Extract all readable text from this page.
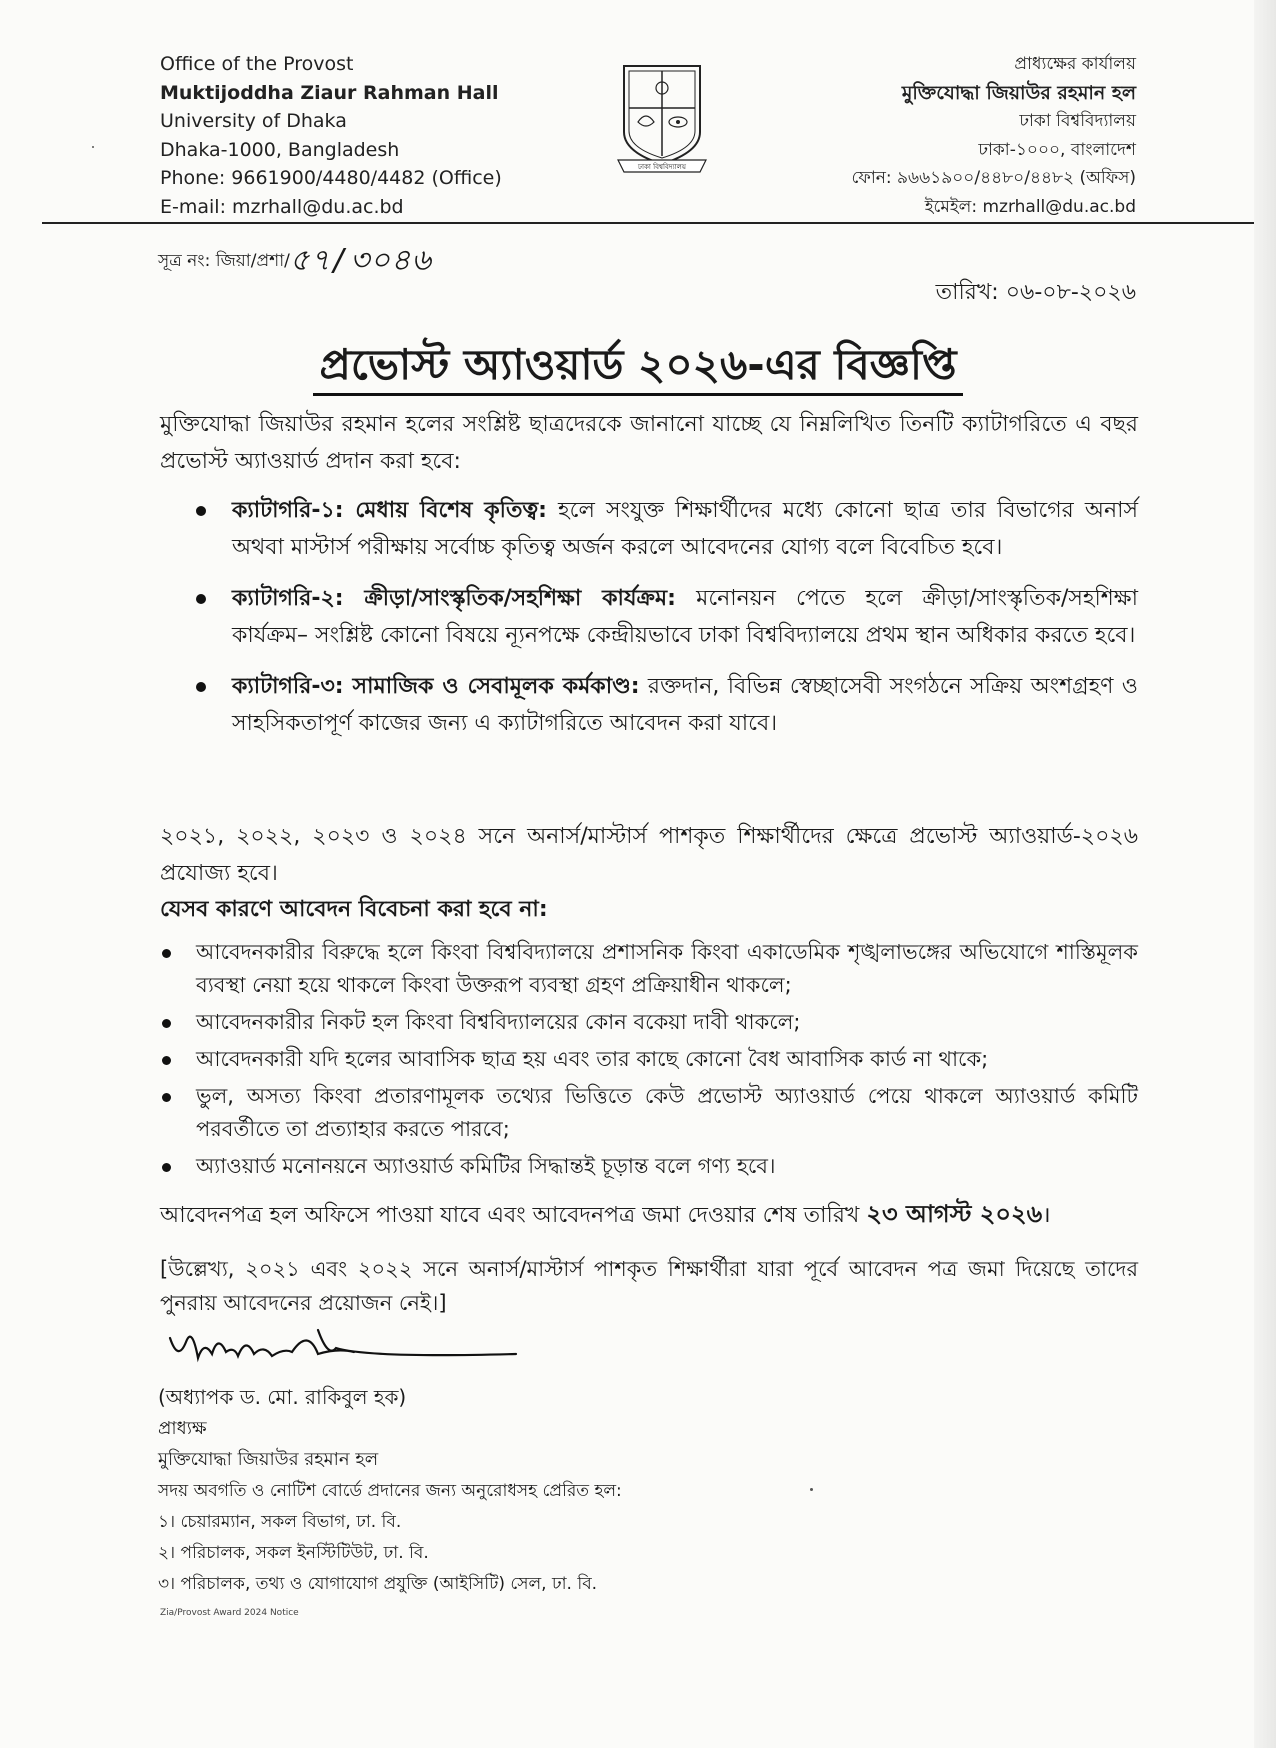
Office of the Provost
Muktijoddha Ziaur Rahman Hall
University of Dhaka
Dhaka-1000, Bangladesh
Phone: 9661900/4480/4482 (Office)
E-mail: mzrhall@du.ac.bd
ঢাকা বিশ্ববিদ্যালয়
প্রাধ্যক্ষের কার্যালয়
মুক্তিযোদ্ধা জিয়াউর রহমান হল
ঢাকা বিশ্ববিদ্যালয়
ঢাকা-১০০০, বাংলাদেশ
ফোন: ৯৬৬১৯০০/৪৪৮০/৪৪৮২ (অফিস)
ইমেইল: mzrhall@du.ac.bd
সূত্র নং: জিয়া/প্রশা/৫৭/৩০৪৬
তারিখ: ০৬-০৮-২০২৬
প্রভোস্ট অ্যাওয়ার্ড ২০২৬-এর বিজ্ঞপ্তি
মুক্তিযোদ্ধা জিয়াউর রহমান হলের সংশ্লিষ্ট ছাত্রদেরকে জানানো যাচ্ছে যে নিম্নলিখিত তিনটি ক্যাটাগরিতে এ বছর প্রভোস্ট অ্যাওয়ার্ড প্রদান করা হবে:
ক্যাটাগরি-১: মেধায় বিশেষ কৃতিত্ব: হলে সংযুক্ত শিক্ষার্থীদের মধ্যে কোনো ছাত্র তার বিভাগের অনার্স অথবা মাস্টার্স পরীক্ষায় সর্বোচ্চ কৃতিত্ব অর্জন করলে আবেদনের যোগ্য বলে বিবেচিত হবে।
ক্যাটাগরি-২: ক্রীড়া/সাংস্কৃতিক/সহশিক্ষা কার্যক্রম: মনোনয়ন পেতে হলে ক্রীড়া/সাংস্কৃতিক/সহশিক্ষা কার্যক্রম– সংশ্লিষ্ট কোনো বিষয়ে ন্যূনপক্ষে কেন্দ্রীয়ভাবে ঢাকা বিশ্ববিদ্যালয়ে প্রথম স্থান অধিকার করতে হবে।
ক্যাটাগরি-৩: সামাজিক ও সেবামূলক কর্মকাণ্ড: রক্তদান, বিভিন্ন স্বেচ্ছাসেবী সংগঠনে সক্রিয় অংশগ্রহণ ও সাহসিকতাপূর্ণ কাজের জন্য এ ক্যাটাগরিতে আবেদন করা যাবে।
২০২১, ২০২২, ২০২৩ ও ২০২৪ সনে অনার্স/মাস্টার্স পাশকৃত শিক্ষার্থীদের ক্ষেত্রে প্রভোস্ট অ্যাওয়ার্ড-২০২৬ প্রযোজ্য হবে।
যেসব কারণে আবেদন বিবেচনা করা হবে না:
আবেদনকারীর বিরুদ্ধে হলে কিংবা বিশ্ববিদ্যালয়ে প্রশাসনিক কিংবা একাডেমিক শৃঙ্খলাভঙ্গের অভিযোগে শাস্তিমূলক ব্যবস্থা নেয়া হয়ে থাকলে কিংবা উক্তরূপ ব্যবস্থা গ্রহণ প্রক্রিয়াধীন থাকলে;
আবেদনকারীর নিকট হল কিংবা বিশ্ববিদ্যালয়ের কোন বকেয়া দাবী থাকলে;
আবেদনকারী যদি হলের আবাসিক ছাত্র হয় এবং তার কাছে কোনো বৈধ আবাসিক কার্ড না থাকে;
ভুল, অসত্য কিংবা প্রতারণামূলক তথ্যের ভিত্তিতে কেউ প্রভোস্ট অ্যাওয়ার্ড পেয়ে থাকলে অ্যাওয়ার্ড কমিটি পরবর্তীতে তা প্রত্যাহার করতে পারবে;
অ্যাওয়ার্ড মনোনয়নে অ্যাওয়ার্ড কমিটির সিদ্ধান্তই চূড়ান্ত বলে গণ্য হবে।
আবেদনপত্র হল অফিসে পাওয়া যাবে এবং আবেদনপত্র জমা দেওয়ার শেষ তারিখ ২৩ আগস্ট ২০২৬।
[উল্লেখ্য, ২০২১ এবং ২০২২ সনে অনার্স/মাস্টার্স পাশকৃত শিক্ষার্থীরা যারা পূর্বে আবেদন পত্র জমা দিয়েছে তাদের পুনরায় আবেদনের প্রয়োজন নেই।]
(অধ্যাপক ড. মো. রাকিবুল হক)
প্রাধ্যক্ষ
মুক্তিযোদ্ধা জিয়াউর রহমান হল
সদয় অবগতি ও নোটিশ বোর্ডে প্রদানের জন্য অনুরোধসহ প্রেরিত হল:
১। চেয়ারম্যান, সকল বিভাগ, ঢা. বি.
২। পরিচালক, সকল ইনস্টিটিউট, ঢা. বি.
৩। পরিচালক, তথ্য ও যোগাযোগ প্রযুক্তি (আইসিটি) সেল, ঢা. বি.
Zia/Provost Award 2024 Notice
